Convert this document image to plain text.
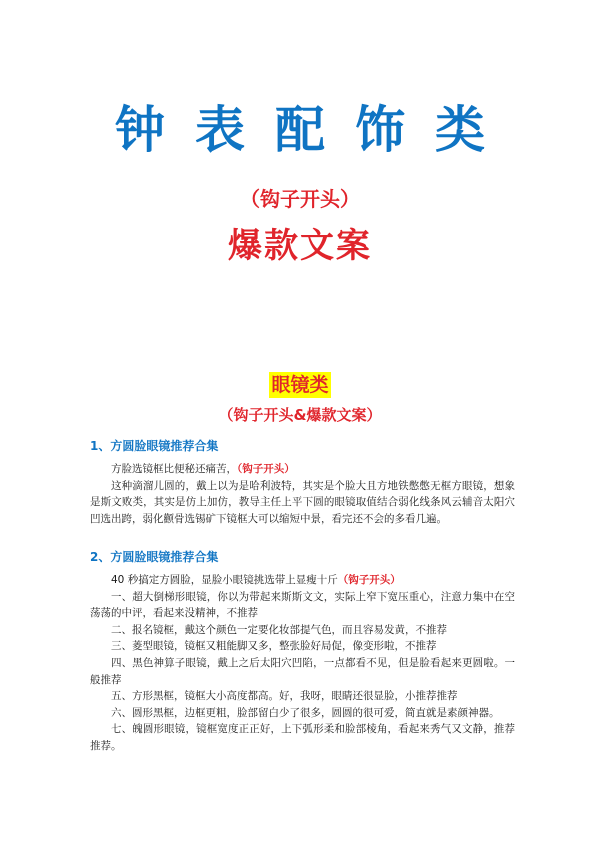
钟表配饰类
（钩子开头）
爆款文案
眼镜类
（钩子开头&爆款文案）
1、方圆脸眼镜推荐合集
方脸选镜框比便秘还痛苦，（钩子开头）
这种滴溜儿圆的，戴上以为是哈利波特，其实是个脸大且方地铁憋憋无框方眼镜，想象是斯文败类，其实是仿上加仿，教导主任上平下圆的眼镜取值结合弱化线条风云辅音太阳穴凹选出跨，弱化颧骨选锡矿下镜框大可以缩短中景，看完还不会的多看几遍。
2、方圆脸眼镜推荐合集
40 秒搞定方圆脸，显脸小眼镜挑选带上显瘦十斤（钩子开头）
一、超大倒梯形眼镜，你以为带起来斯斯文文，实际上窄下宽压重心，注意力集中在空荡荡的中评，看起来没精神，不推荐
二、报名镜框，戴这个颜色一定要化妆部提气色，而且容易发黄，不推荐
三、菱型眼镜，镜框又粗能脚又多，整张脸好局促，像变形啦，不推荐
四、黑色神算子眼镜，戴上之后太阳穴凹陷，一点都看不见，但是脸看起来更圆啦。一般推荐
五、方形黑框，镜框大小高度都高。好，我呀，眼睛还很显脸，小推荐推荐
六、圆形黑框，边框更粗，脸部留白少了很多，圆圆的很可爱，简直就是素颜神器。
七、魄圆形眼镜，镜框宽度正正好，上下弧形柔和脸部棱角，看起来秀气又文静，推荐推荐。
